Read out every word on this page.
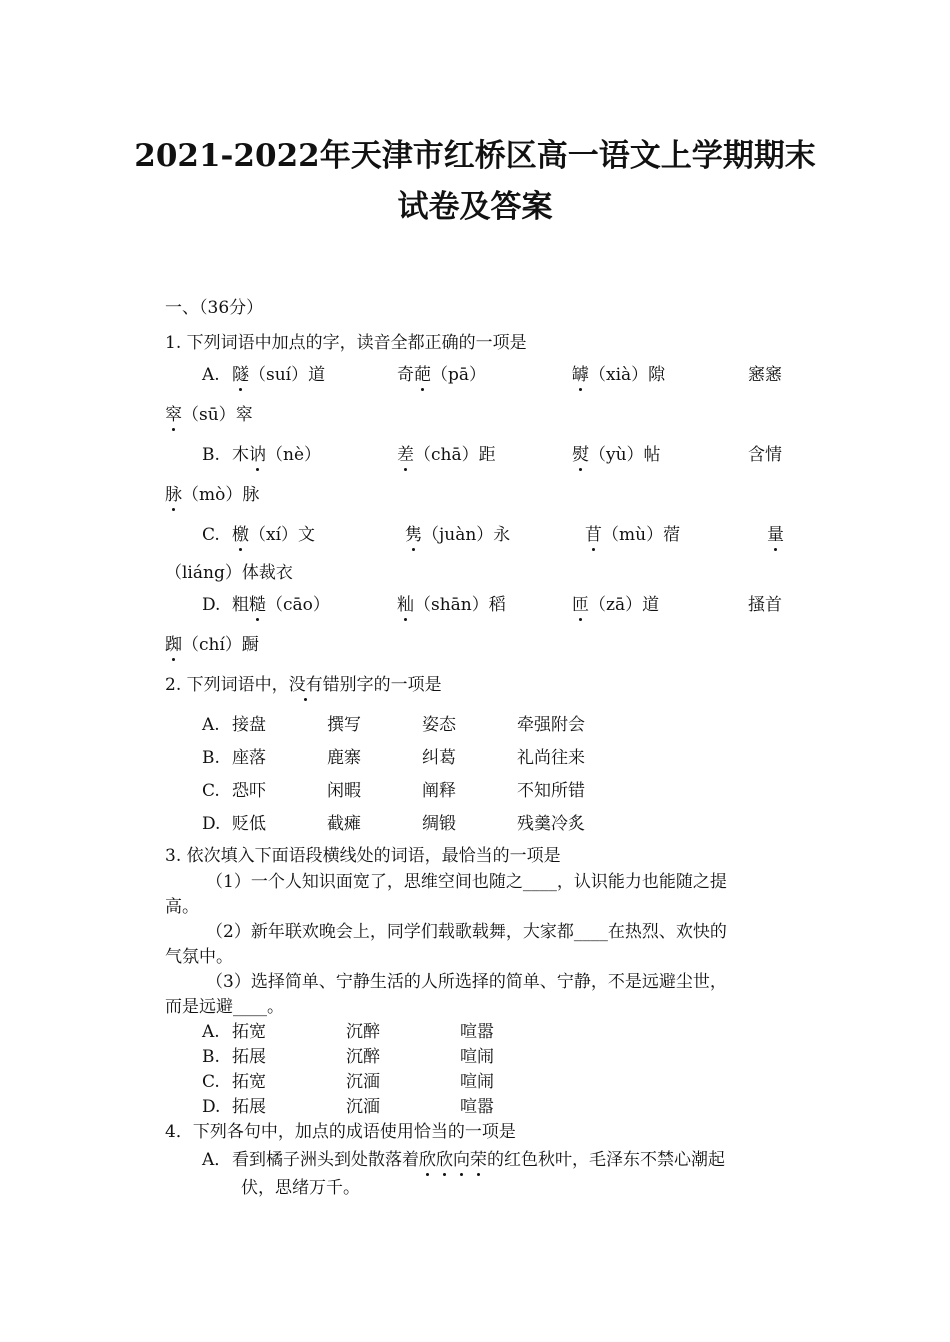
2021-2022年天津市红桥区高一语文上学期期末
试卷及答案
一、（36分）
1. 下列词语中加点的字，读音全都正确的一项是
A. 隧（suí）道	奇葩（pā）	罅（xià）隙	窸窸
窣（sū）窣
B. 木讷（nè）	差（chā）距	熨（yù）帖	含情
脉（mò）脉
C. 檄（xí）文	隽（juàn）永	苜（mù）蓿	量
（liáng）体裁衣
D. 粗糙（cāo）	籼（shān）稻	匝（zā）道	搔首
踟（chí）蹰
2. 下列词语中，没有错别字的一项是
A. 接盘	撰写	姿态	牵强附会
B. 座落	鹿寨	纠葛	礼尚往来
C. 恐吓	闲暇	阐释	不知所错
D. 贬低	截瘫	绸锻	残羹冷炙
3. 依次填入下面语段横线处的词语，最恰当的一项是
（1）一个人知识面宽了，思维空间也随之____，认识能力也能随之提
高。
（2）新年联欢晚会上，同学们载歌载舞，大家都____在热烈、欢快的
气氛中。
（3）选择简单、宁静生活的人所选择的简单、宁静，不是远避尘世，
而是远避____。
A. 拓宽	沉醉	喧嚣
B. 拓展	沉醉	喧闹
C. 拓宽	沉湎	喧闹
D. 拓展	沉湎	喧嚣
4．下列各句中，加点的成语使用恰当的一项是
A． 看到橘子洲头到处散落着欣欣向荣的红色秋叶，毛泽东不禁心潮起
伏，思绪万千。
